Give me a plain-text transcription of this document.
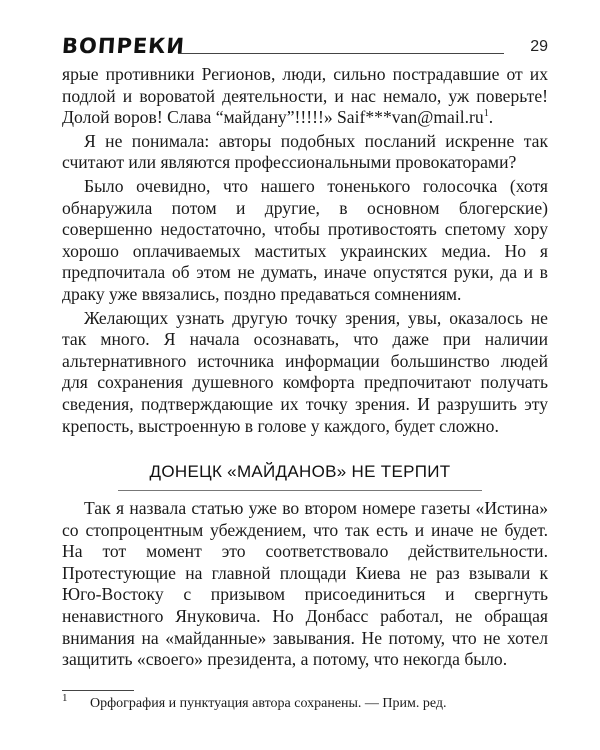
ВОПРЕКИ	29

ярые противники Регионов, люди, сильно пострадавшие от их подлой и вороватой деятельности, и нас немало, уж поверьте! Долой воров! Слава “майдану”!!!!!» $Saif***van@mail.ru^1$.

Я не понимала: авторы подобных посланий искренне так считают или являются профессиональными провокаторами?

Было очевидно, что нашего тоненького голосочка (хотя обнаружила потом и другие, в основном блогерские) совершенно недостаточно, чтобы противостоять спетому хору хорошо оплачиваемых маститых украинских медиа. Но я предпочитала об этом не думать, иначе опустятся руки, да и в драку уже ввязались, поздно предаваться сомнениям.

Желающих узнать другую точку зрения, увы, оказалось не так много. Я начала осознавать, что даже при наличии альтернативного источника информации большинство людей для сохранения душевного комфорта предпочитают получать сведения, подтверждающие их точку зрения. И разрушить эту крепость, выстроенную в голове у каждого, будет сложно.

ДОНЕЦК «МАЙДАНОВ» НЕ ТЕРПИТ

Так я назвала статью уже во втором номере газеты «Истина» со стопроцентным убеждением, что так есть и иначе не будет. На тот момент это соответствовало действительности. Протестующие на главной площади Киева не раз взывали к Юго-Востоку с призывом присоединиться и свергнуть ненавистного Януковича. Но Донбасс работал, не обращая внимания на «майданные» завывания. Не потому, что не хотел защитить «своего» президента, а потому, что некогда было.

1 Орфография и пунктуация автора сохранены. — Прим. ред.
